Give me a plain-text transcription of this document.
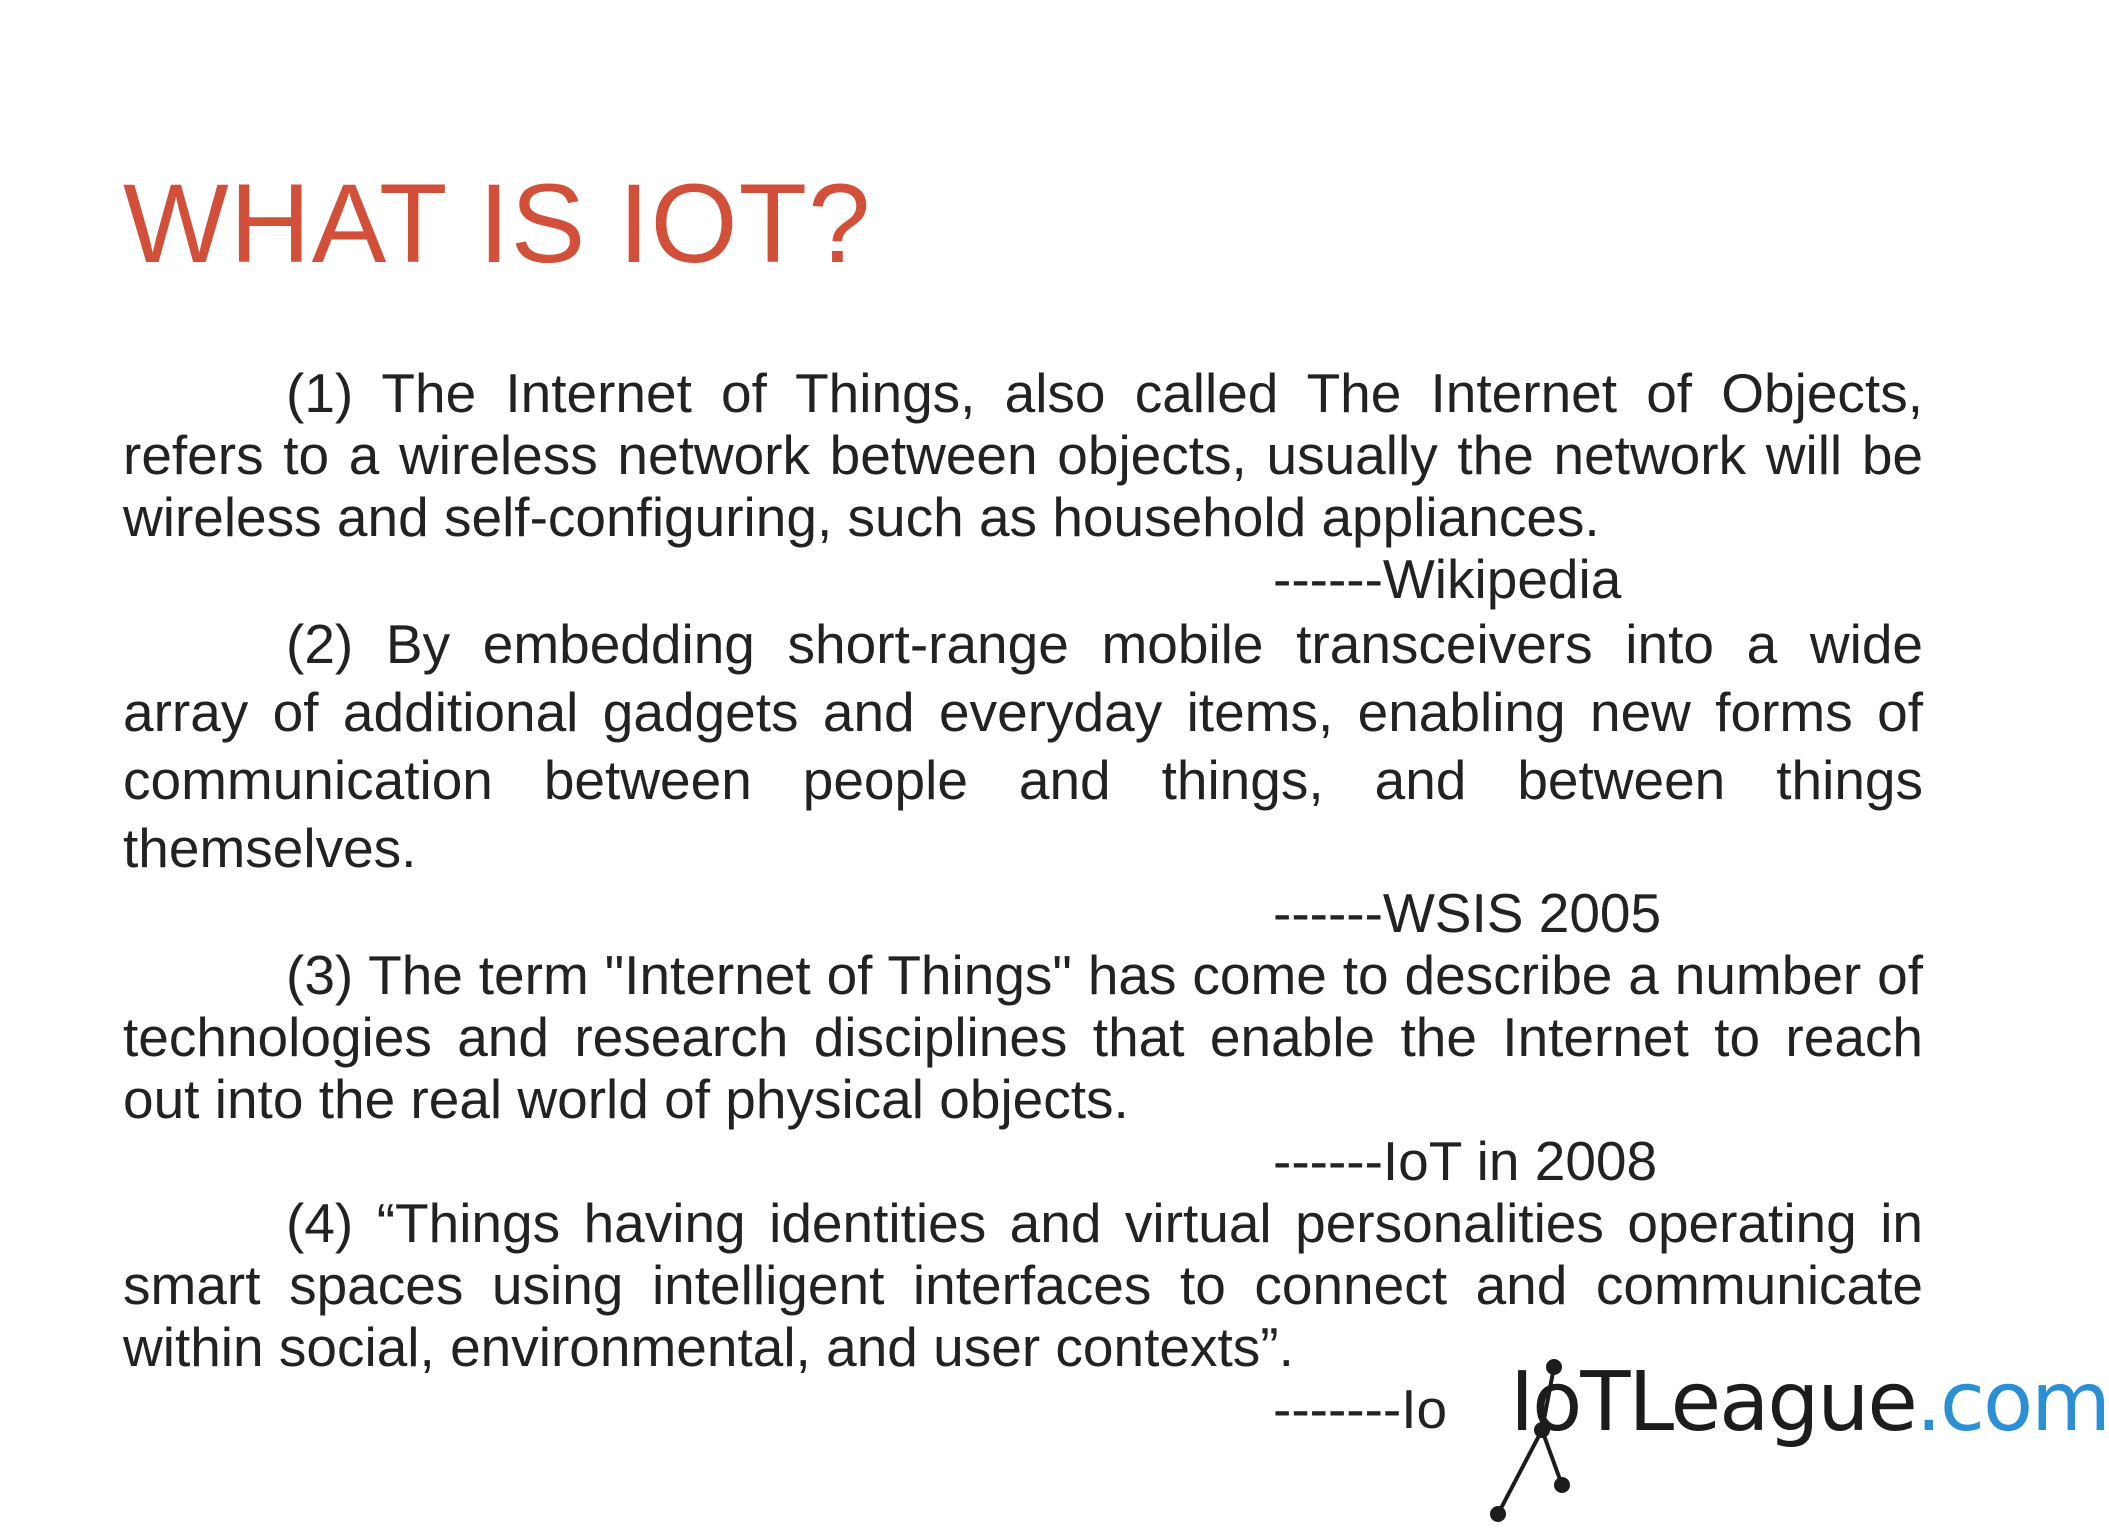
WHAT IS IOT?

(1) The Internet of Things, also called The Internet of Objects, refers to a wireless network between objects, usually the network will be wireless and self-configuring, such as household appliances.

------Wikipedia

(2) By embedding short-range mobile transceivers into a wide array of additional gadgets and everyday items, enabling new forms of communication between people and things, and between things themselves.

------WSIS 2005

(3) The term "Internet of Things" has come to describe a number of technologies and research disciplines that enable the Internet to reach out into the real world of physical objects.

------IoT in 2008

(4) “Things having identities and virtual personalities operating in smart spaces using intelligent interfaces to connect and communicate within social, environmental, and user contexts”.

-------Io IoTLeague.com
